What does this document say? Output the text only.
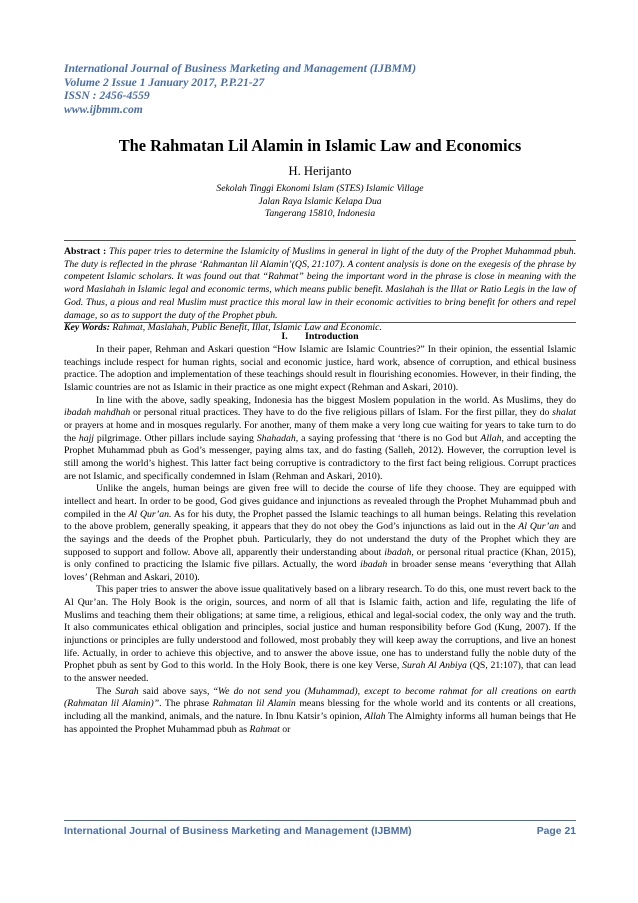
International Journal of Business Marketing and Management (IJBMM)
Volume 2 Issue 1 January 2017, P.P.21-27
ISSN : 2456-4559
www.ijbmm.com
The Rahmatan Lil Alamin in Islamic Law and Economics
H. Herijanto
Sekolah Tinggi Ekonomi Islam (STES) Islamic Village
Jalan Raya Islamic Kelapa Dua
Tangerang 15810, Indonesia
Abstract : This paper tries to determine the Islamicity of Muslims in general in light of the duty of the Prophet Muhammad pbuh. The duty is reflected in the phrase ‘Rahmantan lil Alamin’(QS, 21:107). A content analysis is done on the exegesis of the phrase by competent Islamic scholars. It was found out that “Rahmat” being the important word in the phrase is close in meaning with the word Maslahah in Islamic legal and economic terms, which means public benefit. Maslahah is the Illat or Ratio Legis in the law of God. Thus, a pious and real Muslim must practice this moral law in their economic activities to bring benefit for others and repel damage, so as to support the duty of the Prophet pbuh.
Key Words: Rahmat, Maslahah, Public Benefit, Illat, Islamic Law and Economic.
I. Introduction

In their paper, Rehman and Askari question “How Islamic are Islamic Countries?” In their opinion, the essential Islamic teachings include respect for human rights, social and economic justice, hard work, absence of corruption, and ethical business practice. The adoption and implementation of these teachings should result in flourishing economies. However, in their finding, the Islamic countries are not as Islamic in their practice as one might expect (Rehman and Askari, 2010).

In line with the above, sadly speaking, Indonesia has the biggest Moslem population in the world. As Muslims, they do ibadah mahdhah or personal ritual practices. They have to do the five religious pillars of Islam. For the first pillar, they do shalat or prayers at home and in mosques regularly. For another, many of them make a very long cue waiting for years to take turn to do the hajj pilgrimage. Other pillars include saying Shahadah, a saying professing that ‘there is no God but Allah, and accepting the Prophet Muhammad pbuh as God’s messenger, paying alms tax, and do fasting (Salleh, 2012). However, the corruption level is still among the world’s highest. This latter fact being corruptive is contradictory to the first fact being religious. Corrupt practices are not Islamic, and specifically condemned in Islam (Rehman and Askari, 2010).

Unlike the angels, human beings are given free will to decide the course of life they choose. They are equipped with intellect and heart. In order to be good, God gives guidance and injunctions as revealed through the Prophet Muhammad pbuh and compiled in the Al Qur’an. As for his duty, the Prophet passed the Islamic teachings to all human beings. Relating this revelation to the above problem, generally speaking, it appears that they do not obey the God’s injunctions as laid out in the Al Qur’an and the sayings and the deeds of the Prophet pbuh. Particularly, they do not understand the duty of the Prophet which they are supposed to support and follow. Above all, apparently their understanding about ibadah, or personal ritual practice (Khan, 2015), is only confined to practicing the Islamic five pillars. Actually, the word ibadah in broader sense means ‘everything that Allah loves’ (Rehman and Askari, 2010).

This paper tries to answer the above issue qualitatively based on a library research. To do this, one must revert back to the Al Qur’an. The Holy Book is the origin, sources, and norm of all that is Islamic faith, action and life, regulating the life of Muslims and teaching them their obligations; at same time, a religious, ethical and legal-social codex, the only way and the truth. It also communicates ethical obligation and principles, social justice and human responsibility before God (Kung, 2007). If the injunctions or principles are fully understood and followed, most probably they will keep away the corruptions, and live an honest life. Actually, in order to achieve this objective, and to answer the above issue, one has to understand fully the noble duty of the Prophet pbuh as sent by God to this world. In the Holy Book, there is one key Verse, Surah Al Anbiya (QS, 21:107), that can lead to the answer needed.

The Surah said above says, “We do not send you (Muhammad), except to become rahmat for all creations on earth (Rahmatan lil Alamin)”. The phrase Rahmatan lil Alamin means blessing for the whole world and its contents or all creations, including all the mankind, animals, and the nature. In Ibnu Katsir’s opinion, Allah The Almighty informs all human beings that He has appointed the Prophet Muhammad pbuh as Rahmat or

International Journal of Business Marketing and Management (IJBMM)	Page 21
